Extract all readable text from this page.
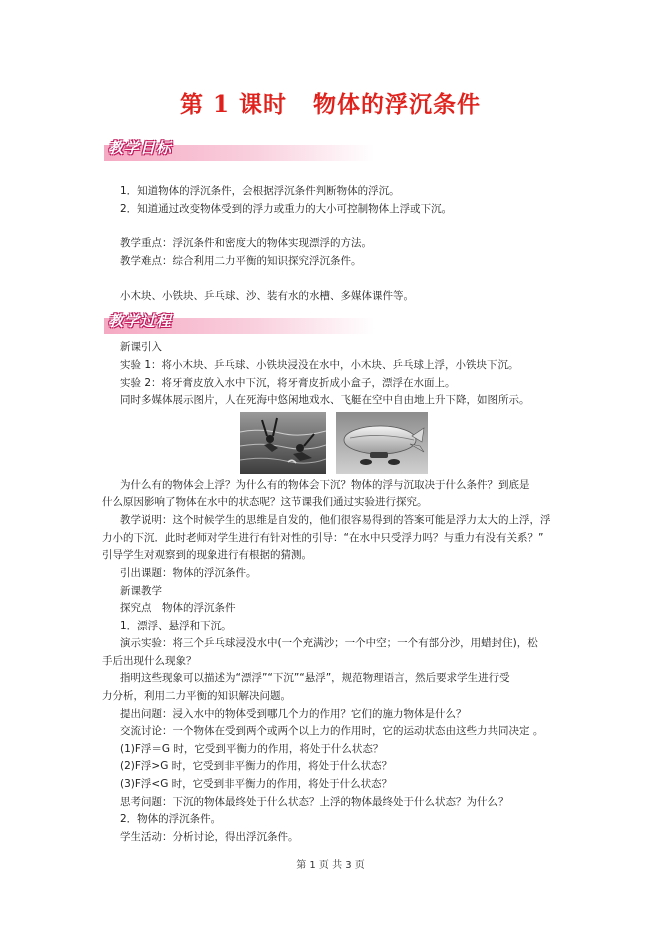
第 1 课时 物体的浮沉条件
教学目标
1．知道物体的浮沉条件，会根据浮沉条件判断物体的浮沉。
2．知道通过改变物体受到的浮力或重力的大小可控制物体上浮或下沉。
教学重点：浮沉条件和密度大的物体实现漂浮的方法。
教学难点：综合利用二力平衡的知识探究浮沉条件。
小木块、小铁块、乒乓球、沙、装有水的水槽、多媒体课件等。
教学过程
新课引入
实验 1：将小木块、乒乓球、小铁块浸没在水中，小木块、乒乓球上浮，小铁块下沉。
实验 2：将牙膏皮放入水中下沉，将牙膏皮折成小盒子，漂浮在水面上。
同时多媒体展示图片，人在死海中悠闲地戏水、飞艇在空中自由地上升下降，如图所示。
为什么有的物体会上浮？为什么有的物体会下沉？物体的浮与沉取决于什么条件？到底是
什么原因影响了物体在水中的状态呢？这节课我们通过实验进行探究。
教学说明：这个时候学生的思维是自发的，他们很容易得到的答案可能是浮力太大的上浮，浮
力小的下沉．此时老师对学生进行有针对性的引导：“在水中只受浮力吗？与重力有没有关系？”
引导学生对观察到的现象进行有根据的猜测。
引出课题：物体的浮沉条件。
新课教学
探究点　物体的浮沉条件
1．漂浮、悬浮和下沉。
演示实验：将三个乒乓球浸没水中(一个充满沙；一个中空；一个有部分沙，用蜡封住)，松
手后出现什么现象？
指明这些现象可以描述为“漂浮”“下沉”“悬浮”，规范物理语言，然后要求学生进行受
力分析，利用二力平衡的知识解决问题。
提出问题：浸入水中的物体受到哪几个力的作用？它们的施力物体是什么？
交流讨论：一个物体在受到两个或两个以上力的作用时，它的运动状态由这些力共同决定 。
(1)F浮＝G 时，它受到平衡力的作用，将处于什么状态？
(2)F浮>G 时，它受到非平衡力的作用，将处于什么状态？
(3)F浮<G 时，它受到非平衡力的作用，将处于什么状态？
思考问题：下沉的物体最终处于什么状态？上浮的物体最终处于什么状态？为什么？
2．物体的浮沉条件。
学生活动：分析讨论，得出浮沉条件。
第 1 页 共 3 页
